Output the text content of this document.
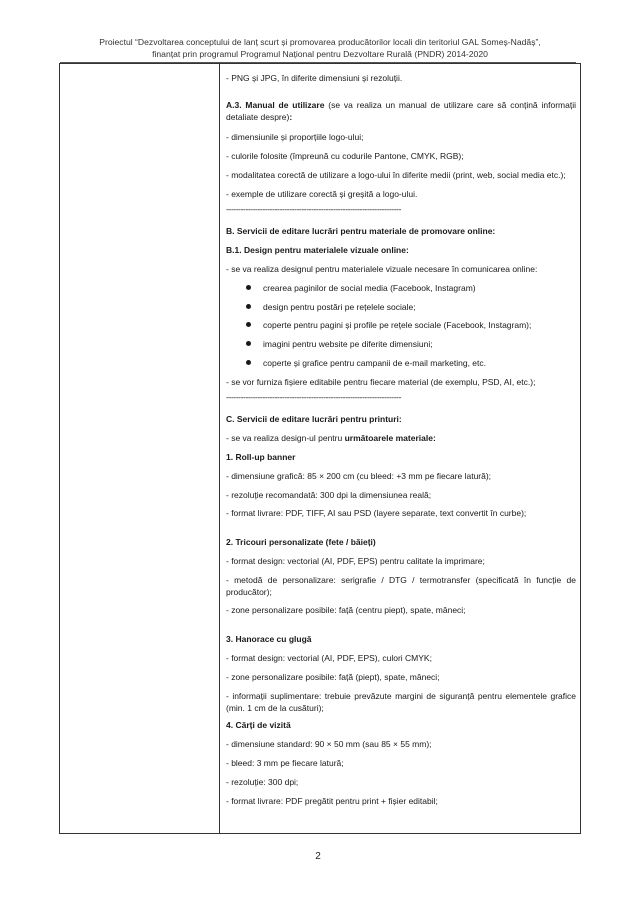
Proiectul “Dezvoltarea conceptului de lanț scurt și promovarea producătorilor locali din teritoriul GAL Someș-Nadăș”,
finanțat prin programul Programul Național pentru Dezvoltare Rurală (PNDR) 2014-2020

- PNG și JPG, în diferite dimensiuni și rezoluții.

A.3. Manual de utilizare (se va realiza un manual de utilizare care să conțină informații detaliate despre):

- dimensiunile și proporțiile logo-ului;

- culorile folosite (împreună cu codurile Pantone, CMYK, RGB);

- modalitatea corectă de utilizare a logo-ului în diferite medii (print, web, social media etc.);

- exemple de utilizare corectă și greșită a logo-ului.

------------------------------------------------------------------------

B. Servicii de editare lucrări pentru materiale de promovare online:

B.1. Design pentru materialele vizuale online:

- se va realiza designul pentru materialele vizuale necesare în comunicarea online:

crearea paginilor de social media (Facebook, Instagram)

design pentru postări pe rețelele sociale;

coperte pentru pagini și profile pe rețele sociale (Facebook, Instagram);

imagini pentru website pe diferite dimensiuni;

coperte și grafice pentru campanii de e-mail marketing, etc.

- se vor furniza fișiere editabile pentru fiecare material (de exemplu, PSD, AI, etc.);

------------------------------------------------------------------------

C. Servicii de editare lucrări pentru printuri:

- se va realiza design-ul pentru următoarele materiale:

1. Roll-up banner

- dimensiune grafică: 85 × 200 cm (cu bleed: +3 mm pe fiecare latură);

- rezoluție recomandată: 300 dpi la dimensiunea reală;

- format livrare: PDF, TIFF, AI sau PSD (layere separate, text convertit în curbe);

2. Tricouri personalizate (fete / băieți)

- format design: vectorial (AI, PDF, EPS) pentru calitate la imprimare;

- metodă de personalizare: serigrafie / DTG / termotransfer (specificată în funcție de producător);

- zone personalizare posibile: față (centru piept), spate, mâneci;

3. Hanorace cu glugă

- format design: vectorial (AI, PDF, EPS), culori CMYK;

- zone personalizare posibile: față (piept), spate, mâneci;

- informații suplimentare: trebuie prevăzute margini de siguranță pentru elementele grafice (min. 1 cm de la cusături);

4. Cărți de vizită

- dimensiune standard: 90 × 50 mm (sau 85 × 55 mm);

- bleed: 3 mm pe fiecare latură;

- rezoluție: 300 dpi;

- format livrare: PDF pregătit pentru print + fișier editabil;

2
